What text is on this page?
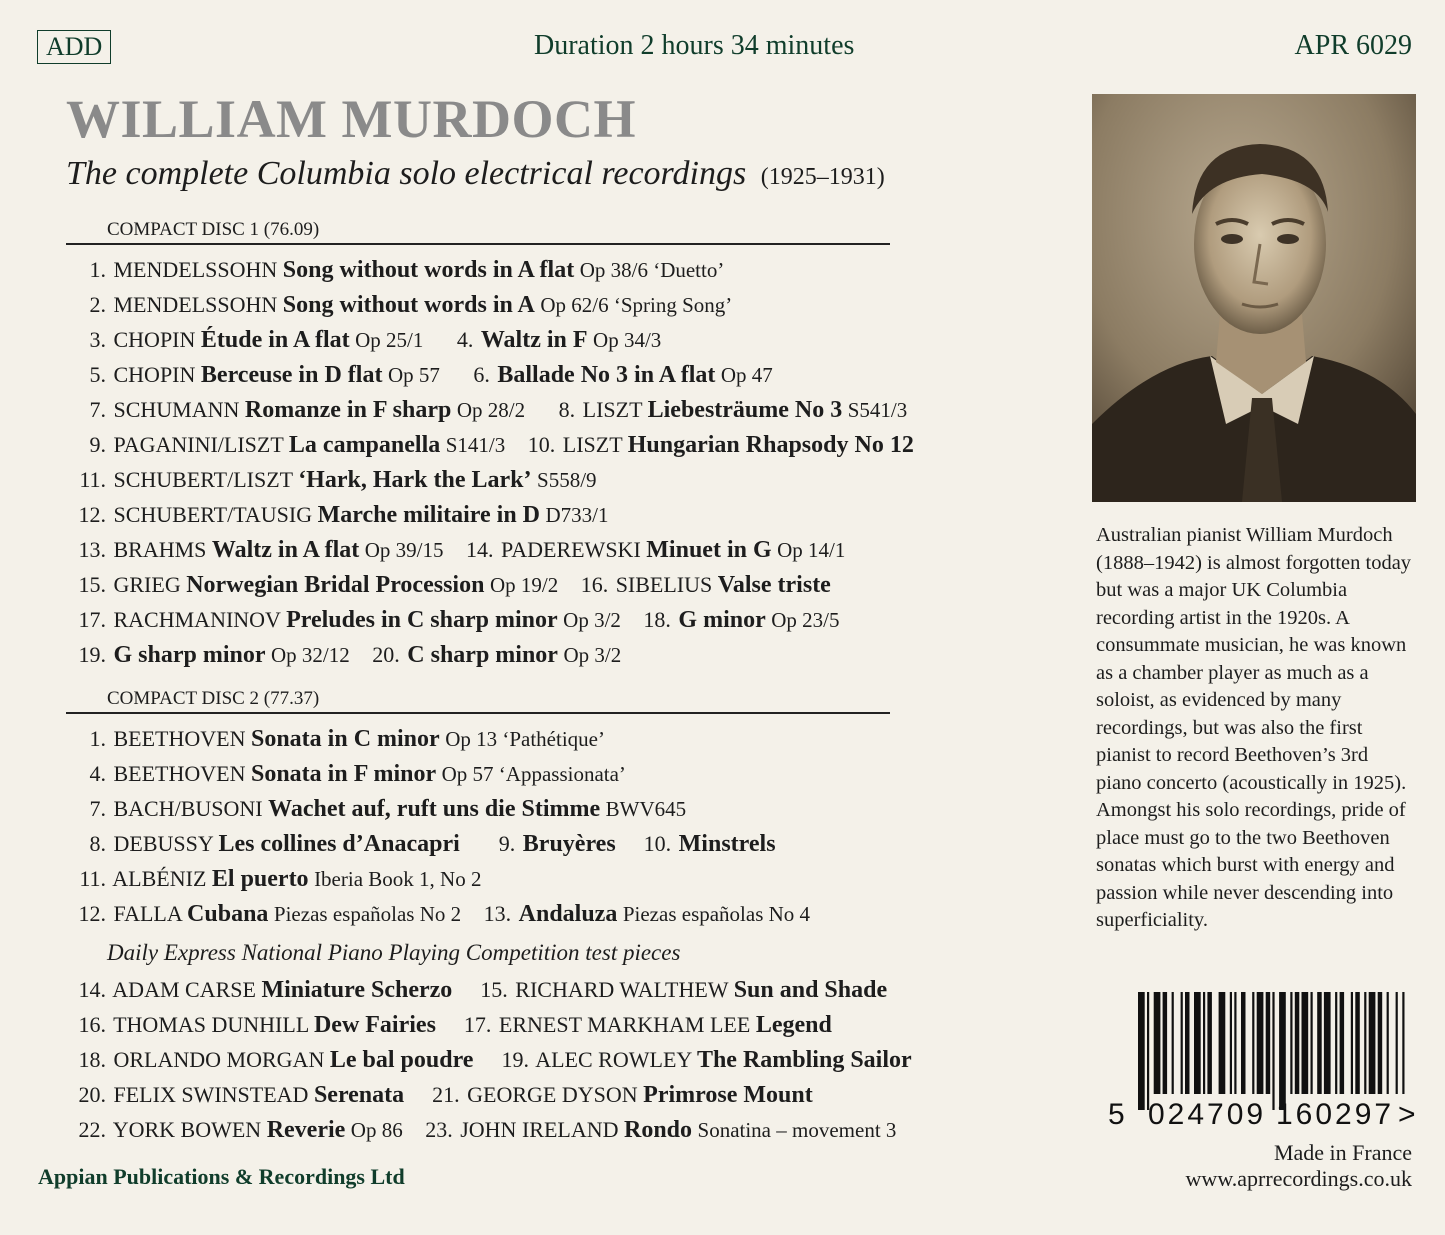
ADD	Duration 2 hours 34 minutes	APR 6029
WILLIAM MURDOCH
The complete Columbia solo electrical recordings (1925–1931)
COMPACT DISC 1 (76.09)
1. MENDELSSOHN Song without words in A flat Op 38/6 ‘Duetto’
2. MENDELSSOHN Song without words in A Op 62/6 ‘Spring Song’
3. CHOPIN Étude in A flat Op 25/1 4. Waltz in F Op 34/3
5. CHOPIN Berceuse in D flat Op 57 6. Ballade No 3 in A flat Op 47
7. SCHUMANN Romanze in F sharp Op 28/2 8. LISZT Liebesträume No 3 S541/3
9. PAGANINI/LISZT La campanella S141/3 10. LISZT Hungarian Rhapsody No 12
11. SCHUBERT/LISZT ‘Hark, Hark the Lark’ S558/9
12. SCHUBERT/TAUSIG Marche militaire in D D733/1
13. BRAHMS Waltz in A flat Op 39/15 14. PADEREWSKI Minuet in G Op 14/1
15. GRIEG Norwegian Bridal Procession Op 19/2 16. SIBELIUS Valse triste
17. RACHMANINOV Preludes in C sharp minor Op 3/2 18. G minor Op 23/5
19. G sharp minor Op 32/12 20. C sharp minor Op 3/2
COMPACT DISC 2 (77.37)
1. BEETHOVEN Sonata in C minor Op 13 ‘Pathétique’
4. BEETHOVEN Sonata in F minor Op 57 ‘Appassionata’
7. BACH/BUSONI Wachet auf, ruft uns die Stimme BWV645
8. DEBUSSY Les collines d’Anacapri 9. Bruyères 10. Minstrels
11. ALBÉNIZ El puerto Iberia Book 1, No 2
12. FALLA Cubana Piezas españolas No 2 13. Andaluza Piezas españolas No 4
Daily Express National Piano Playing Competition test pieces
14. ADAM CARSE Miniature Scherzo 15. RICHARD WALTHEW Sun and Shade
16. THOMAS DUNHILL Dew Fairies 17. ERNEST MARKHAM LEE Legend
18. ORLANDO MORGAN Le bal poudre 19. ALEC ROWLEY The Rambling Sailor
20. FELIX SWINSTEAD Serenata 21. GEORGE DYSON Primrose Mount
22. YORK BOWEN Reverie Op 86 23. JOHN IRELAND Rondo Sonatina – movement 3

Australian pianist William Murdoch (1888–1942) is almost forgotten today but was a major UK Columbia recording artist in the 1920s. A consummate musician, he was known as a chamber player as much as a soloist, as evidenced by many recordings, but was also the first pianist to record Beethoven’s 3rd piano concerto (acoustically in 1925). Amongst his solo recordings, pride of place must go to the two Beethoven sonatas which burst with energy and passion while never descending into superficiality.

5 024709 160297 >
Appian Publications & Recordings Ltd
Made in France
www.aprrecordings.co.uk
